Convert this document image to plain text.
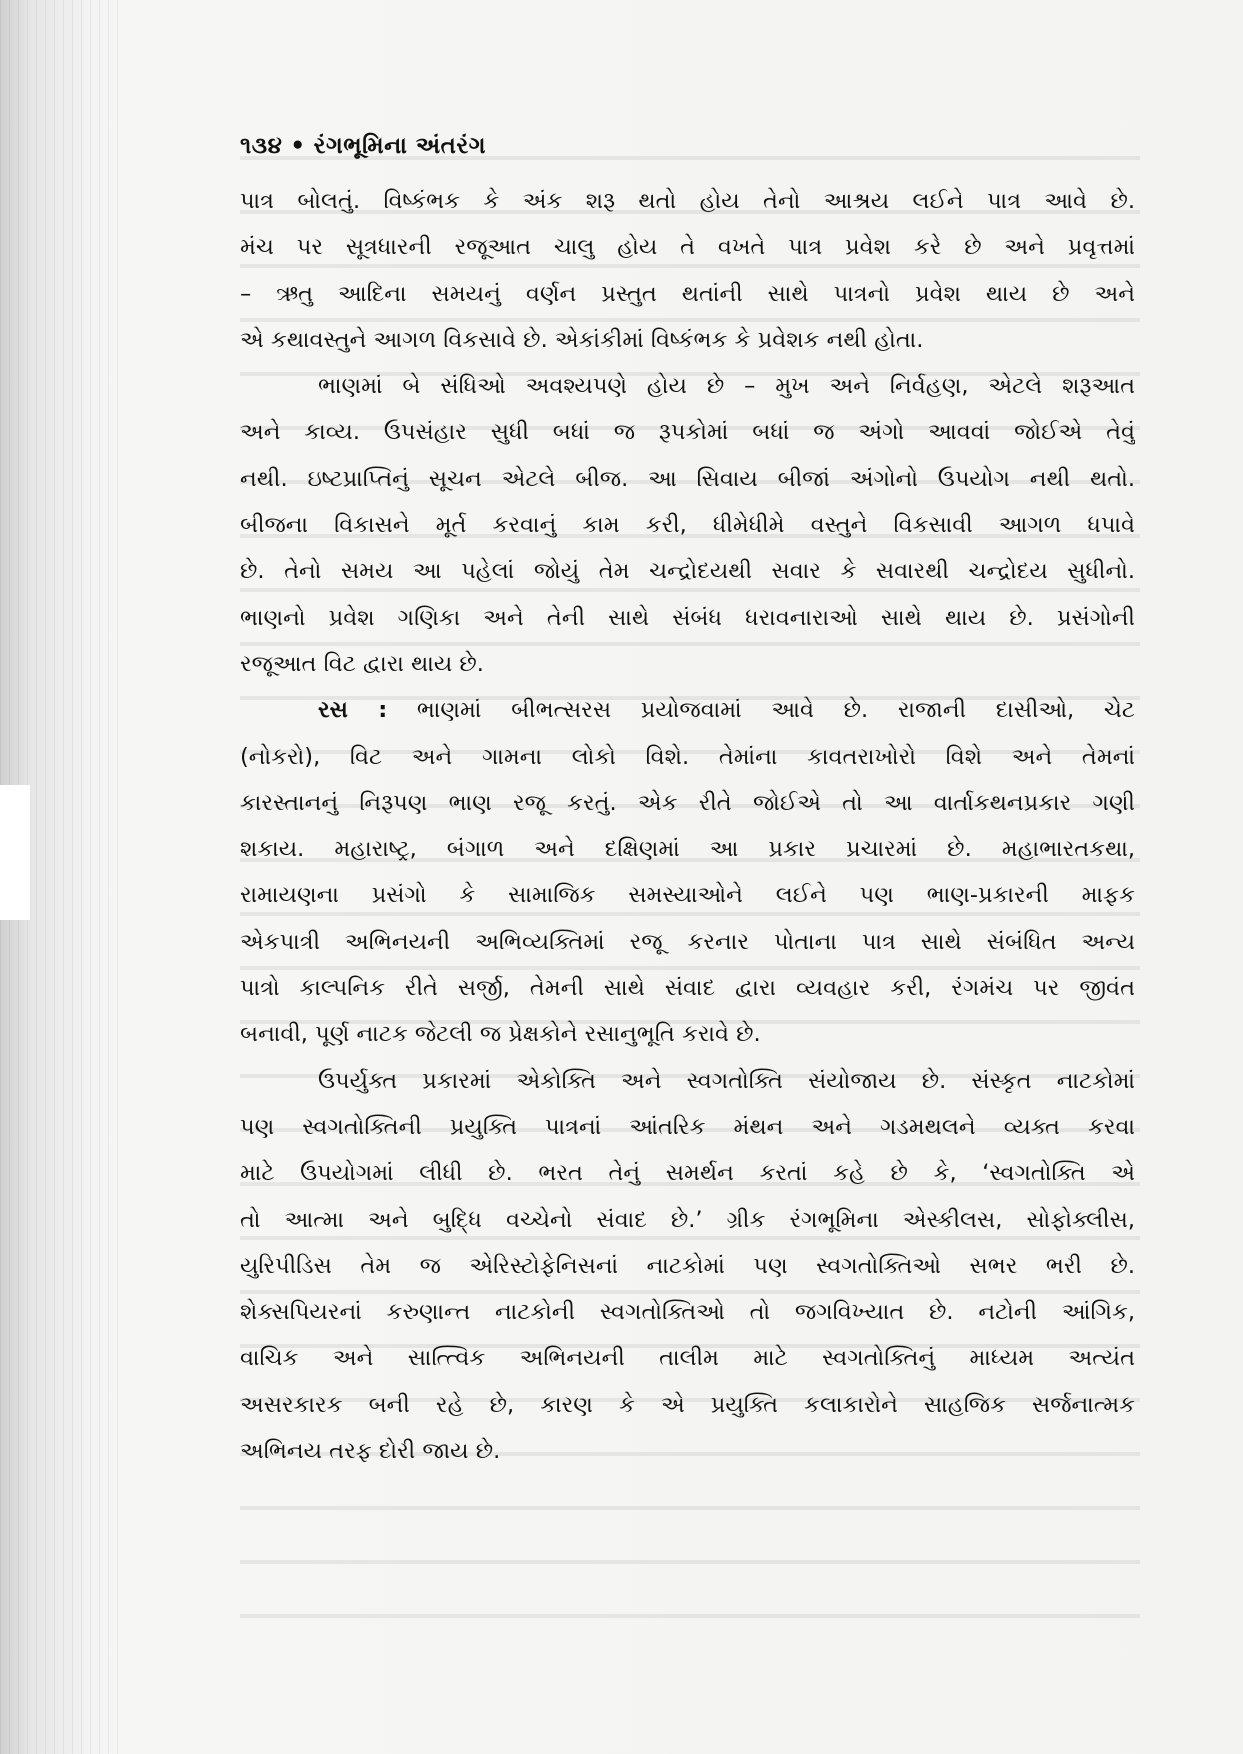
૧૩૪ • રંગભૂમિના અંતરંગ
પાત્ર બોલતું. વિષ્કંભક કે અંક શરૂ થતો હોય તેનો આશ્રય લઈને પાત્ર આવે છે.
મંચ પર સૂત્રધારની રજૂઆત ચાલુ હોય તે વખતે પાત્ર પ્રવેશ કરે છે અને પ્રવૃત્તમાં
– ઋતુ આદિના સમયનું વર્ણન પ્રસ્તુત થતાંની સાથે પાત્રનો પ્રવેશ થાય છે અને
એ કથાવસ્તુને આગળ વિકસાવે છે. એકાંકીમાં વિષ્કંભક કે પ્રવેશક નથી હોતા.
ભાણમાં બે સંધિઓ અવશ્યપણે હોય છે – મુખ અને નિર્વહણ, એટલે શરૂઆત
અને કાવ્ય. ઉપસંહાર સુધી બધાં જ રૂપકોમાં બધાં જ અંગો આવવાં જોઈએ તેવું
નથી. ઇષ્ટપ્રાપ્તિનું સૂચન એટલે બીજ. આ સિવાય બીજાં અંગોનો ઉપયોગ નથી થતો.
બીજના વિકાસને મૂર્ત કરવાનું કામ કરી, ધીમેધીમે વસ્તુને વિકસાવી આગળ ધપાવે
છે. તેનો સમય આ પહેલાં જોયું તેમ ચન્દ્રોદયથી સવાર કે સવારથી ચન્દ્રોદય સુધીનો.
ભાણનો પ્રવેશ ગણિકા અને તેની સાથે સંબંધ ધરાવનારાઓ સાથે થાય છે. પ્રસંગોની
રજૂઆત વિટ દ્વારા થાય છે.
રસ : ભાણમાં બીભત્સરસ પ્રયોજવામાં આવે છે. રાજાની દાસીઓ, ચેટ
(નોકરો), વિટ અને ગામના લોકો વિશે. તેમાંના કાવતરાખોરો વિશે અને તેમનાં
કારસ્તાનનું નિરૂપણ ભાણ રજૂ કરતું. એક રીતે જોઈએ તો આ વાર્તાકથનપ્રકાર ગણી
શકાય. મહારાષ્ટ્ર, બંગાળ અને દક્ષિણમાં આ પ્રકાર પ્રચારમાં છે. મહાભારતકથા,
રામાયણના પ્રસંગો કે સામાજિક સમસ્યાઓને લઈને પણ ભાણ-પ્રકારની માફક
એકપાત્રી અભિનયની અભિવ્યક્તિમાં રજૂ કરનાર પોતાના પાત્ર સાથે સંબંધિત અન્ય
પાત્રો કાલ્પનિક રીતે સર્જી, તેમની સાથે સંવાદ દ્વારા વ્યવહાર કરી, રંગમંચ પર જીવંત
બનાવી, પૂર્ણ નાટક જેટલી જ પ્રેક્ષકોને રસાનુભૂતિ કરાવે છે.
ઉપર્યુક્ત પ્રકારમાં એકોક્તિ અને સ્વગતોક્તિ સંયોજાય છે. સંસ્કૃત નાટકોમાં
પણ સ્વગતોક્તિની પ્રયુક્તિ પાત્રનાં આંતરિક મંથન અને ગડમથલને વ્યક્ત કરવા
માટે ઉપયોગમાં લીધી છે. ભરત તેનું સમર્થન કરતાં કહે છે કે, ‘સ્વગતોક્તિ એ
તો આત્મા અને બુદ્ધિ વચ્ચેનો સંવાદ છે.’ ગ્રીક રંગભૂમિના એસ્કીલસ, સોફોક્લીસ,
યુરિપીડિસ તેમ જ એરિસ્ટોફેનિસનાં નાટકોમાં પણ સ્વગતોક્તિઓ સભર ભરી છે.
શેક્સપિયરનાં કરુણાન્ત નાટકોની સ્વગતોક્તિઓ તો જગવિખ્યાત છે. નટોની આંગિક,
વાચિક અને સાત્ત્વિક અભિનયની તાલીમ માટે સ્વગતોક્તિનું માધ્યમ અત્યંત
અસરકારક બની રહે છે, કારણ કે એ પ્રયુક્તિ કલાકારોને સાહજિક સર્જનાત્મક
અભિનય તરફ દોરી જાય છે.
